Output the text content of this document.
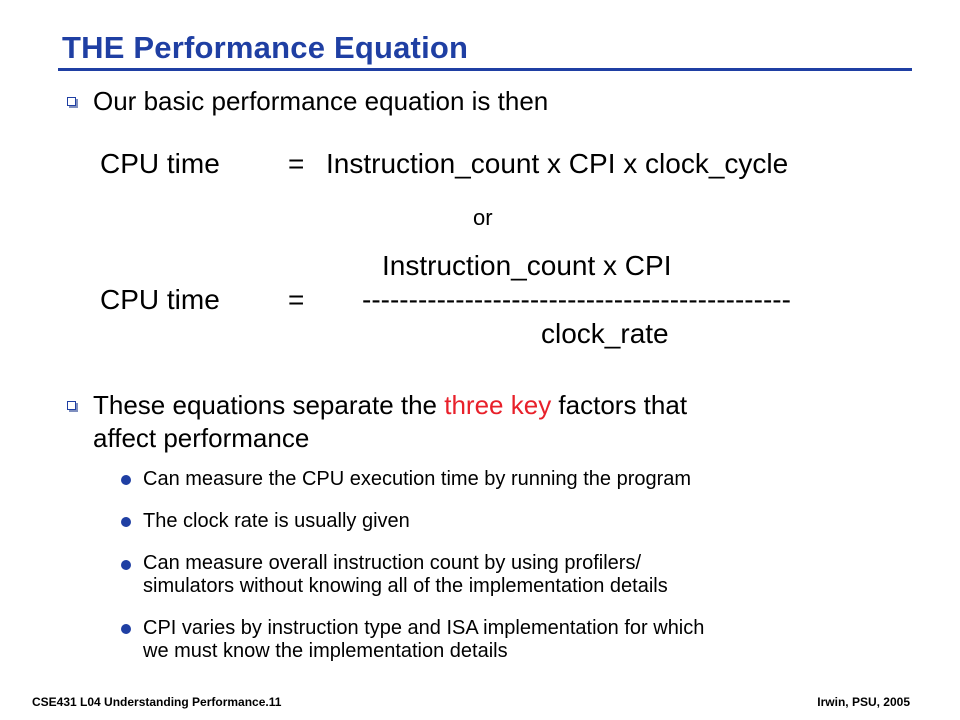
THE Performance Equation
Our basic performance equation is then
CPU time = Instruction_count x CPI x clock_cycle
or
Instruction_count x CPI
CPU time = ----------------------------------------------
clock_rate
These equations separate the three key factors that
affect performance
Can measure the CPU execution time by running the program
The clock rate is usually given
Can measure overall instruction count by using profilers/
simulators without knowing all of the implementation details
CPI varies by instruction type and ISA implementation for which
we must know the implementation details
CSE431 L04 Understanding Performance.11	Irwin, PSU, 2005
